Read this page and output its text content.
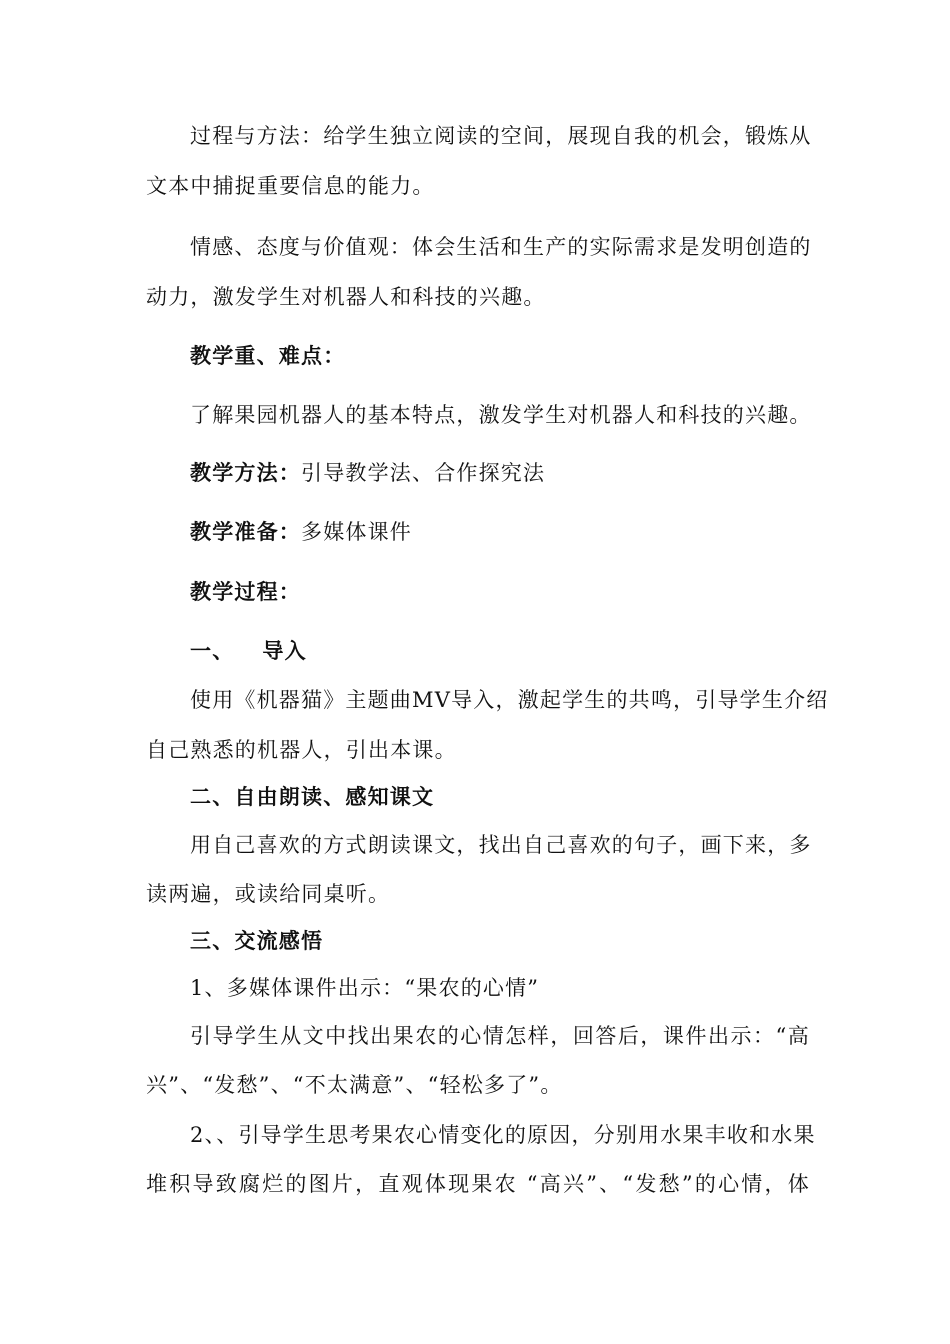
过程与方法：给学生独立阅读的空间，展现自我的机会，锻炼从
文本中捕捉重要信息的能力。
情感、态度与价值观：体会生活和生产的实际需求是发明创造的
动力，激发学生对机器人和科技的兴趣。
教学重、难点：
了解果园机器人的基本特点，激发学生对机器人和科技的兴趣。
教学方法：引导教学法、合作探究法
教学准备：多媒体课件
教学过程：
一、 导入
使用《机器猫》主题曲MV导入，激起学生的共鸣，引导学生介绍
自己熟悉的机器人，引出本课。
二、自由朗读、感知课文
用自己喜欢的方式朗读课文，找出自己喜欢的句子，画下来，多
读两遍，或读给同桌听。
三、交流感悟
1、多媒体课件出示：“果农的心情”
引导学生从文中找出果农的心情怎样，回答后，课件出示：“高
兴”、“发愁”、“不太满意”、“轻松多了”。
2、、引导学生思考果农心情变化的原因，分别用水果丰收和水果
堆积导致腐烂的图片，直观体现果农 “高兴”、“发愁”的心情，体
